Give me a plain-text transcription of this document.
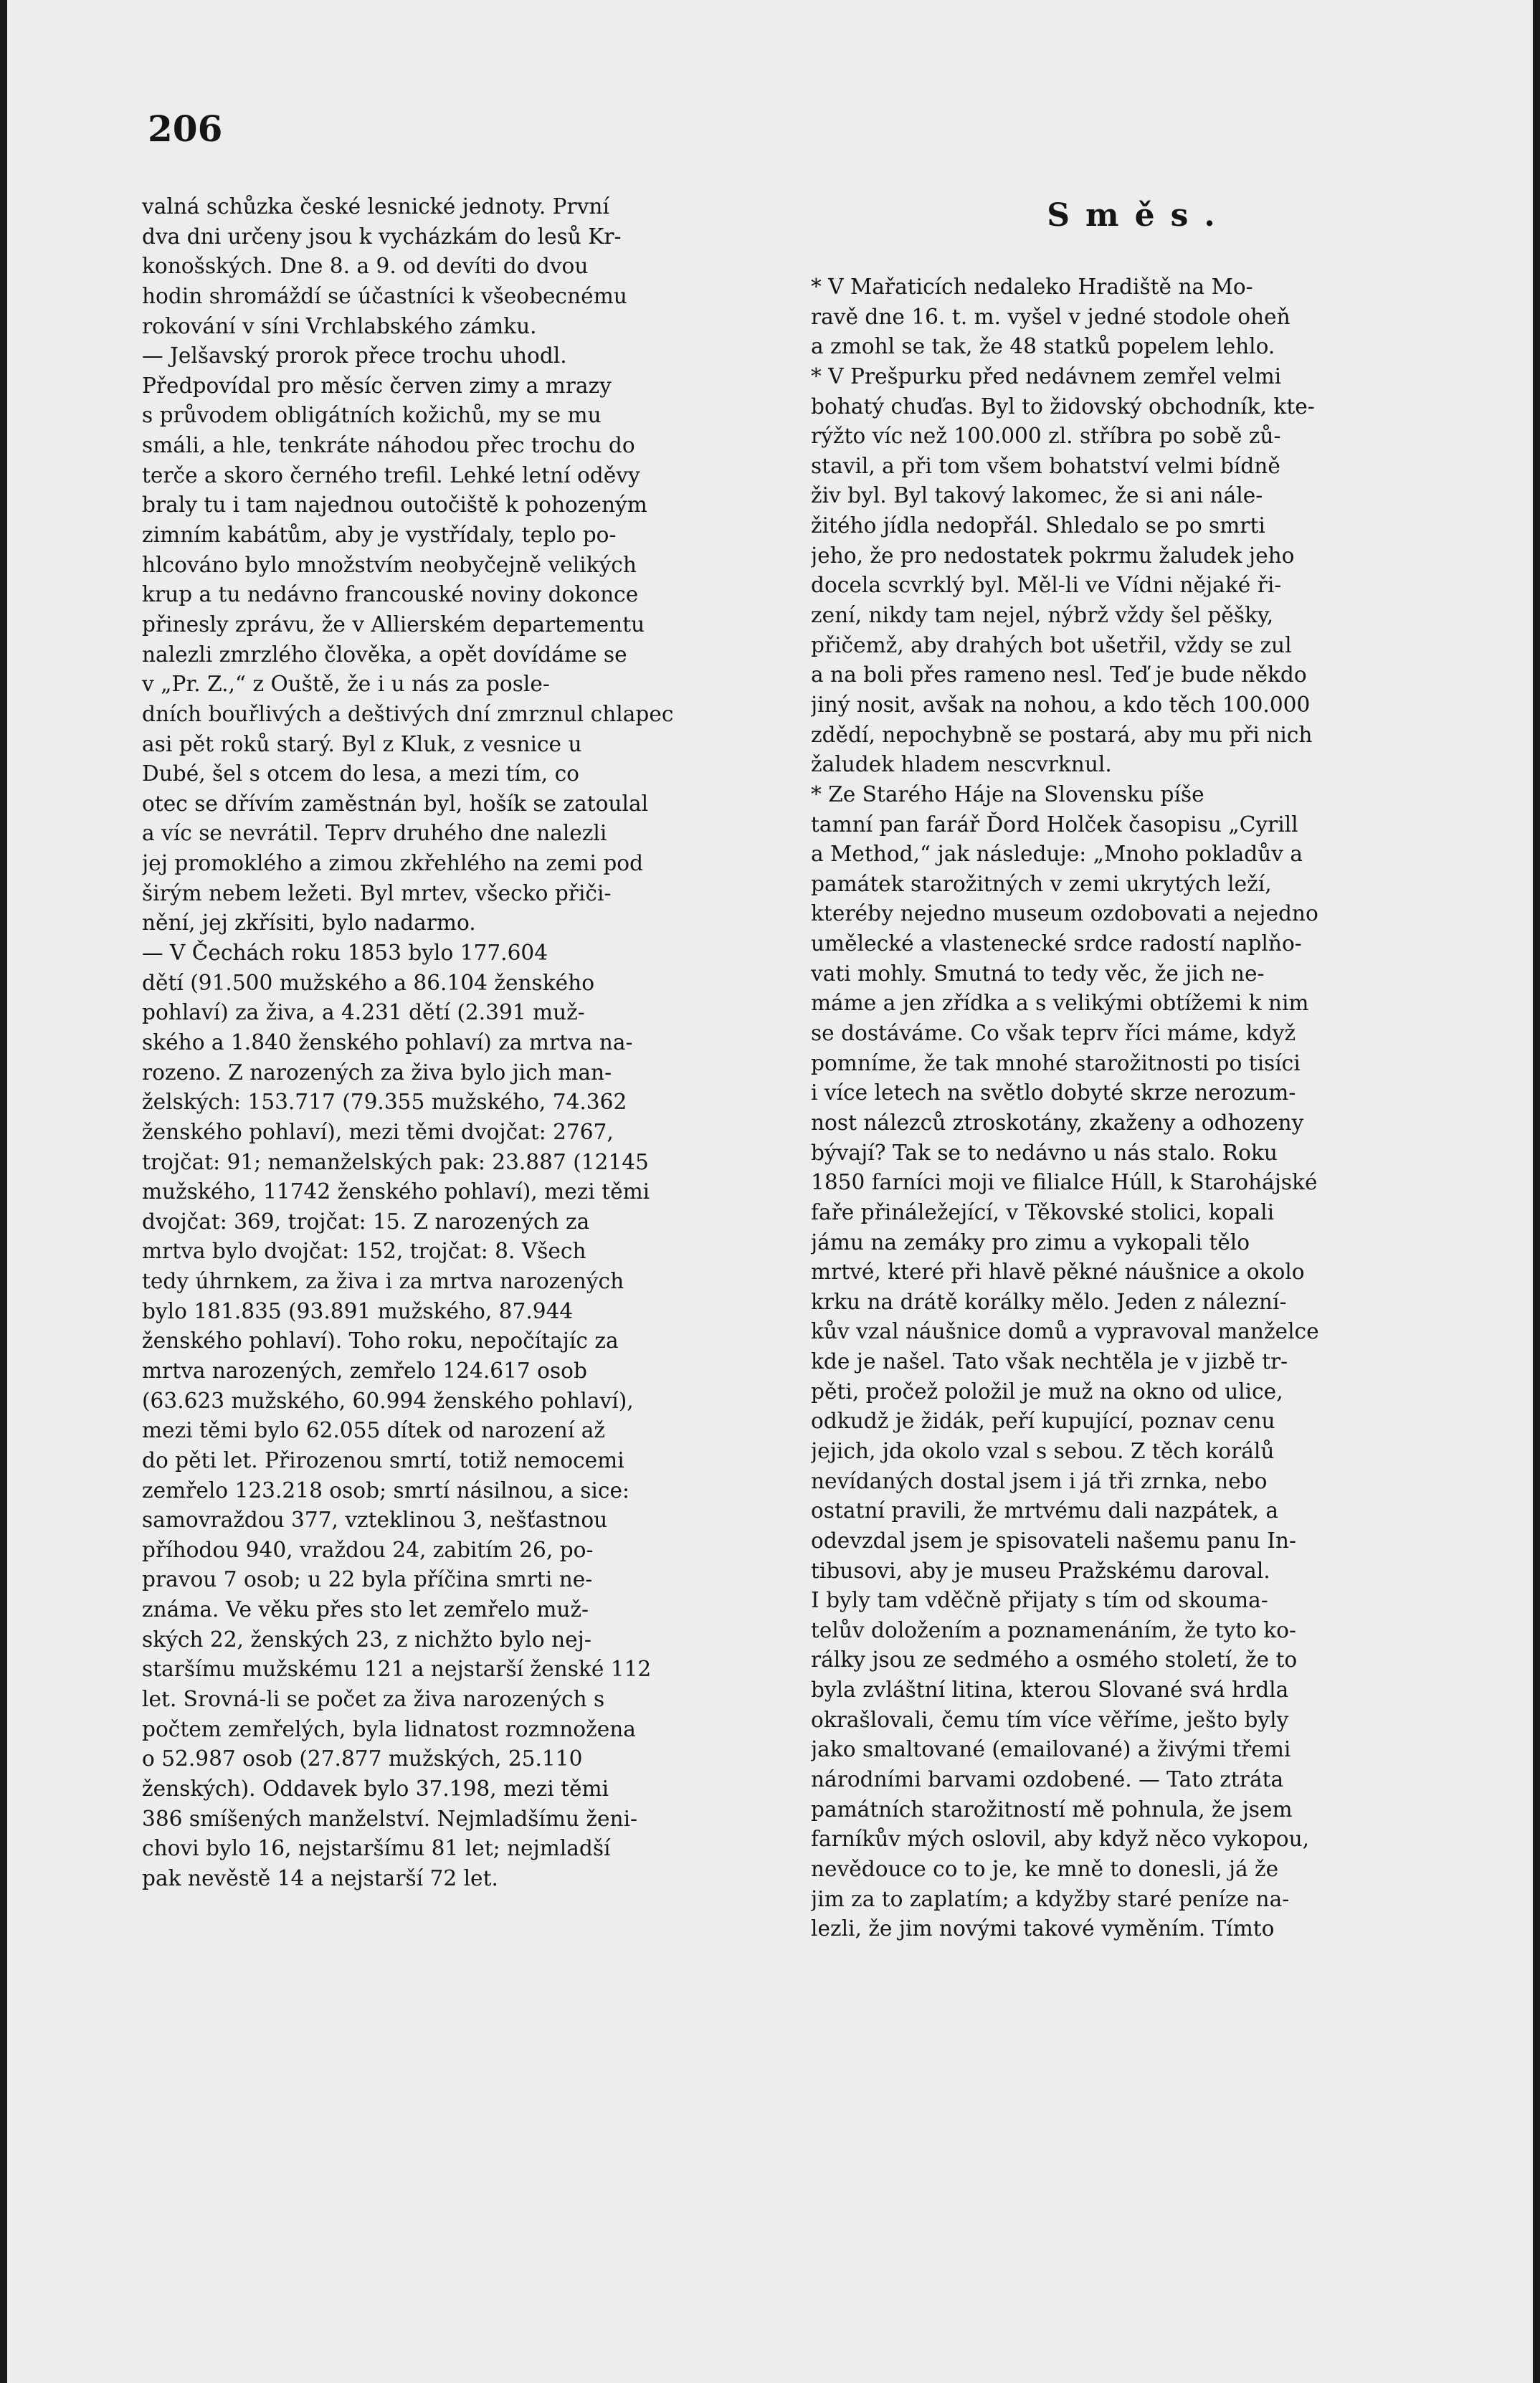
206
valná schůzka české lesnické jednoty. První
dva dni určeny jsou k vycházkám do lesů Kr-
konošských. Dne 8. a 9. od devíti do dvou
hodin shromáždí se účastníci k všeobecnému
rokování v síni Vrchlabského zámku.
— Jelšavský prorok přece trochu uhodl.
Předpovídal pro měsíc červen zimy a mrazy
s průvodem obligátních kožichů, my se mu
smáli, a hle, tenkráte náhodou přec trochu do
terče a skoro černého trefil. Lehké letní oděvy
braly tu i tam najednou outočiště k pohozeným
zimním kabátům, aby je vystřídaly, teplo po-
hlcováno bylo množstvím neobyčejně velikých
krup a tu nedávno francouské noviny dokonce
přinesly zprávu, že v Allierském departementu
nalezli zmrzlého člověka, a opět dovídáme se
v „Pr. Z.,“ z Ouště, že i u nás za posle-
dních bouřlivých a deštivých dní zmrznul chlapec
asi pět roků starý. Byl z Kluk, z vesnice u
Dubé, šel s otcem do lesa, a mezi tím, co
otec se dřívím zaměstnán byl, hošík se zatoulal
a víc se nevrátil. Teprv druhého dne nalezli
jej promoklého a zimou zkřehlého na zemi pod
širým nebem ležeti. Byl mrtev, všecko přiči-
nění, jej zkřísiti, bylo nadarmo.
— V Čechách roku 1853 bylo 177.604
dětí (91.500 mužského a 86.104 ženského
pohlaví) za živa, a 4.231 dětí (2.391 muž-
ského a 1.840 ženského pohlaví) za mrtva na-
rozeno. Z narozených za živa bylo jich man-
želských: 153.717 (79.355 mužského, 74.362
ženského pohlaví), mezi těmi dvojčat: 2767,
trojčat: 91; nemanželských pak: 23.887 (12145
mužského, 11742 ženského pohlaví), mezi těmi
dvojčat: 369, trojčat: 15. Z narozených za
mrtva bylo dvojčat: 152, trojčat: 8. Všech
tedy úhrnkem, za živa i za mrtva narozených
bylo 181.835 (93.891 mužského, 87.944
ženského pohlaví). Toho roku, nepočítajíc za
mrtva narozených, zemřelo 124.617 osob
(63.623 mužského, 60.994 ženského pohlaví),
mezi těmi bylo 62.055 dítek od narození až
do pěti let. Přirozenou smrtí, totiž nemocemi
zemřelo 123.218 osob; smrtí násilnou, a sice:
samovraždou 377, vzteklinou 3, nešťastnou
příhodou 940, vraždou 24, zabitím 26, po-
pravou 7 osob; u 22 byla příčina smrti ne-
známa. Ve věku přes sto let zemřelo muž-
ských 22, ženských 23, z nichžto bylo nej-
staršímu mužskému 121 a nejstarší ženské 112
let. Srovná-li se počet za živa narozených s
počtem zemřelých, byla lidnatost rozmnožena
o 52.987 osob (27.877 mužských, 25.110
ženských). Oddavek bylo 37.198, mezi těmi
386 smíšených manželství. Nejmladšímu ženi-
chovi bylo 16, nejstaršímu 81 let; nejmladší
pak nevěstě 14 a nejstarší 72 let.
Směs.
* V Mařaticích nedaleko Hradiště na Mo-
ravě dne 16. t. m. vyšel v jedné stodole oheň
a zmohl se tak, že 48 statků popelem lehlo.
* V Prešpurku před nedávnem zemřel velmi
bohatý chuďas. Byl to židovský obchodník, kte-
rýžto víc než 100.000 zl. stříbra po sobě zů-
stavil, a při tom všem bohatství velmi bídně
živ byl. Byl takový lakomec, že si ani nále-
žitého jídla nedopřál. Shledalo se po smrti
jeho, že pro nedostatek pokrmu žaludek jeho
docela scvrklý byl. Měl-li ve Vídni nějaké ři-
zení, nikdy tam nejel, nýbrž vždy šel pěšky,
přičemž, aby drahých bot ušetřil, vždy se zul
a na boli přes rameno nesl. Teď je bude někdo
jiný nosit, avšak na nohou, a kdo těch 100.000
zdědí, nepochybně se postará, aby mu při nich
žaludek hladem nescvrknul.
* Ze Starého Háje na Slovensku píše
tamní pan farář Ďord Holček časopisu „Cyrill
a Method,“ jak následuje: „Mnoho pokladův a
památek starožitných v zemi ukrytých leží,
kterébу nejedno museum ozdobovati a nejedno
umělecké a vlastenecké srdce radostí naplňo-
vati mohly. Smutná to tedy věc, že jich ne-
máme a jen zřídka a s velikými obtížemi k nim
se dostáváme. Co však teprv říci máme, když
pomníme, že tak mnohé starožitnosti po tisíci
i více letech na světlo dobyté skrze nerozum-
nost nálezců ztroskotány, zkaženy a odhozeny
bývají? Tak se to nedávno u nás stalo. Roku
1850 farníci moji ve filialce Húll, k Starohájské
faře přináležející, v Těkovské stolici, kopali
jámu na zemáky pro zimu a vykopali tělo
mrtvé, které při hlavě pěkné náušnice a okolo
krku na drátě korálky mělo. Jeden z nálezní-
kův vzal náušnice domů a vypravoval manželce
kde je našel. Tato však nechtěla je v jizbě tr-
pěti, pročež položil je muž na okno od ulice,
odkudž je židák, peří kupující, poznav cenu
jejich, jda okolo vzal s sebou. Z těch korálů
nevídaných dostal jsem i já tři zrnka, nebo
ostatní pravili, že mrtvému dali nazpátek, a
odevzdal jsem je spisovateli našemu panu In-
tibusovi, aby je museu Pražskému daroval.
I byly tam vděčně přijaty s tím od skoumа-
telův doložením a poznamenáním, že tyto ko-
rálky jsou ze sedmého a osmého století, že to
byla zvláštní litina, kterou Slované svá hrdla
okrašlovali, čemu tím více věříme, ješto byly
jako smaltované (emailované) a živými třemi
národními barvami ozdobené. — Tato ztráta
památních starožitností mě pohnula, že jsem
farníkův mých oslovil, aby když něco vykopou,
nevědouce co to je, ke mně to donesli, já že
jim za to zaplatím; a kdyžby staré peníze na-
lezli, že jim novými takové vyměním. Tímto
